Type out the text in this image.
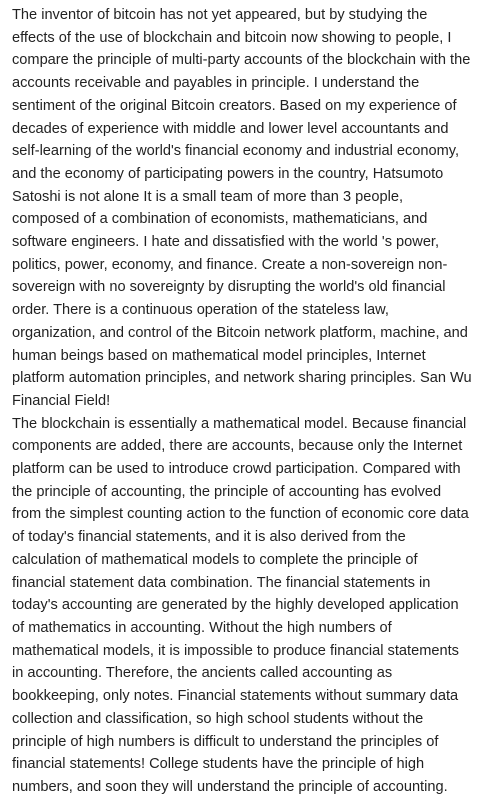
The inventor of bitcoin has not yet appeared, but by studying the effects of the use of blockchain and bitcoin now showing to people, I compare the principle of multi-party accounts of the blockchain with the accounts receivable and payables in principle. I understand the sentiment of the original Bitcoin creators. Based on my experience of decades of experience with middle and lower level accountants and self-learning of the world's financial economy and industrial economy, and the economy of participating powers in the country, Hatsumoto Satoshi is not alone It is a small team of more than 3 people, composed of a combination of economists, mathematicians, and software engineers. I hate and dissatisfied with the world 's power, politics, power, economy, and finance. Create a non-sovereign non-sovereign with no sovereignty by disrupting the world's old financial order. There is a continuous operation of the stateless law, organization, and control of the Bitcoin network platform, machine, and human beings based on mathematical model principles, Internet platform automation principles, and network sharing principles. San Wu Financial Field!

The blockchain is essentially a mathematical model. Because financial components are added, there are accounts, because only the Internet platform can be used to introduce crowd participation. Compared with the principle of accounting, the principle of accounting has evolved from the simplest counting action to the function of economic core data of today's financial statements, and it is also derived from the calculation of mathematical models to complete the principle of financial statement data combination. The financial statements in today's accounting are generated by the highly developed application of mathematics in accounting. Without the high numbers of mathematical models, it is impossible to produce financial statements in accounting. Therefore, the ancients called accounting as bookkeeping, only notes. Financial statements without summary data collection and classification, so high school students without the principle of high numbers is difficult to understand the principles of financial statements! College students have the principle of high numbers, and soon they will understand the principle of accounting.
